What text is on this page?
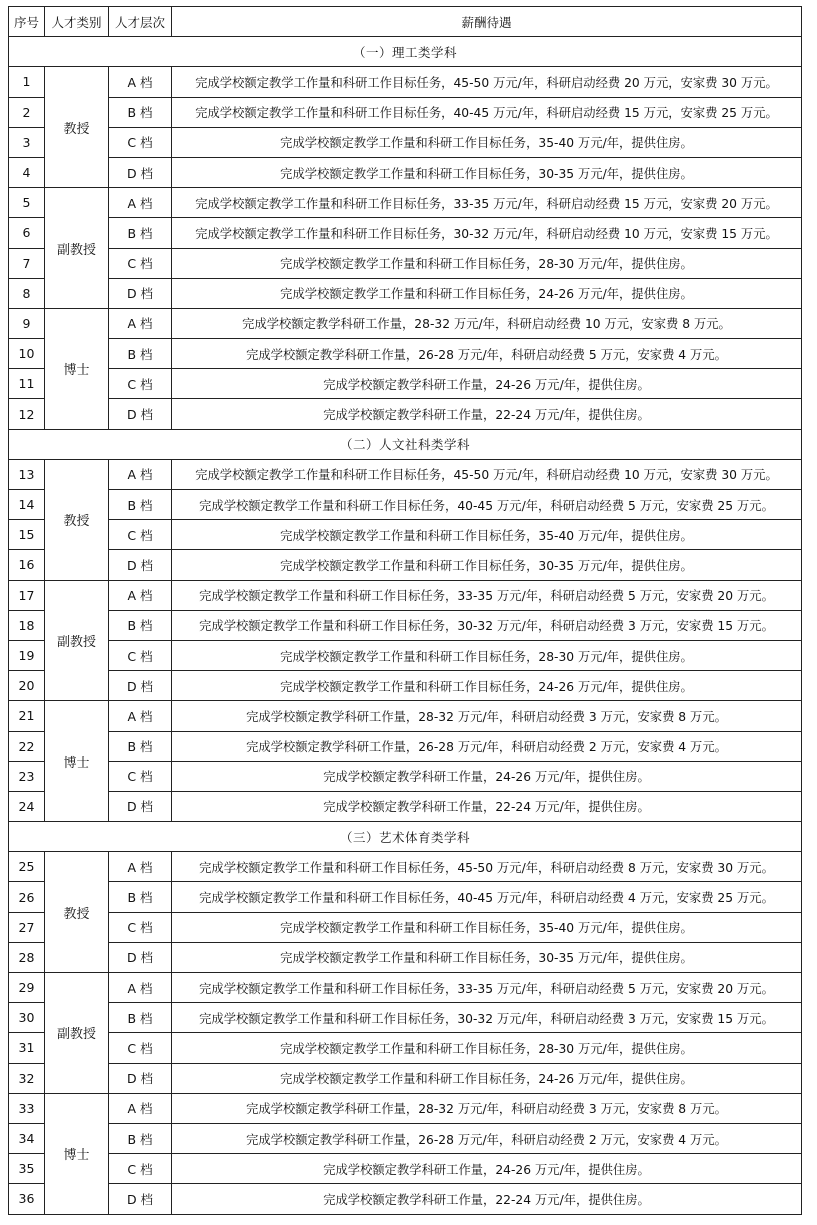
序号	人才类别	人才层次	薪酬待遇
（一）理工类学科			
1	教授	A 档	完成学校额定教学工作量和科研工作目标任务，45-50 万元/年，科研启动经费 20 万元，安家费 30 万元。
2		B 档	完成学校额定教学工作量和科研工作目标任务，40-45 万元/年，科研启动经费 15 万元，安家费 25 万元。
3		C 档	完成学校额定教学工作量和科研工作目标任务，35-40 万元/年，提供住房。
4		D 档	完成学校额定教学工作量和科研工作目标任务，30-35 万元/年，提供住房。
5	副教授	A 档	完成学校额定教学工作量和科研工作目标任务，33-35 万元/年，科研启动经费 15 万元，安家费 20 万元。
6		B 档	完成学校额定教学工作量和科研工作目标任务，30-32 万元/年，科研启动经费 10 万元，安家费 15 万元。
7		C 档	完成学校额定教学工作量和科研工作目标任务，28-30 万元/年，提供住房。
8		D 档	完成学校额定教学工作量和科研工作目标任务，24-26 万元/年，提供住房。
9	博士	A 档	完成学校额定教学科研工作量，28-32 万元/年，科研启动经费 10 万元，安家费 8 万元。
10		B 档	完成学校额定教学科研工作量，26-28 万元/年，科研启动经费 5 万元，安家费 4 万元。
11		C 档	完成学校额定教学科研工作量，24-26 万元/年，提供住房。
12		D 档	完成学校额定教学科研工作量，22-24 万元/年，提供住房。
（二）人文社科类学科			
13	教授	A 档	完成学校额定教学工作量和科研工作目标任务，45-50 万元/年，科研启动经费 10 万元，安家费 30 万元。
14		B 档	完成学校额定教学工作量和科研工作目标任务，40-45 万元/年，科研启动经费 5 万元，安家费 25 万元。
15		C 档	完成学校额定教学工作量和科研工作目标任务，35-40 万元/年，提供住房。
16		D 档	完成学校额定教学工作量和科研工作目标任务，30-35 万元/年，提供住房。
17	副教授	A 档	完成学校额定教学工作量和科研工作目标任务，33-35 万元/年，科研启动经费 5 万元，安家费 20 万元。
18		B 档	完成学校额定教学工作量和科研工作目标任务，30-32 万元/年，科研启动经费 3 万元，安家费 15 万元。
19		C 档	完成学校额定教学工作量和科研工作目标任务，28-30 万元/年，提供住房。
20		D 档	完成学校额定教学工作量和科研工作目标任务，24-26 万元/年，提供住房。
21	博士	A 档	完成学校额定教学科研工作量，28-32 万元/年，科研启动经费 3 万元，安家费 8 万元。
22		B 档	完成学校额定教学科研工作量，26-28 万元/年，科研启动经费 2 万元，安家费 4 万元。
23		C 档	完成学校额定教学科研工作量，24-26 万元/年，提供住房。
24		D 档	完成学校额定教学科研工作量，22-24 万元/年，提供住房。
（三）艺术体育类学科			
25	教授	A 档	完成学校额定教学工作量和科研工作目标任务，45-50 万元/年，科研启动经费 8 万元，安家费 30 万元。
26		B 档	完成学校额定教学工作量和科研工作目标任务，40-45 万元/年，科研启动经费 4 万元，安家费 25 万元。
27		C 档	完成学校额定教学工作量和科研工作目标任务，35-40 万元/年，提供住房。
28		D 档	完成学校额定教学工作量和科研工作目标任务，30-35 万元/年，提供住房。
29	副教授	A 档	完成学校额定教学工作量和科研工作目标任务，33-35 万元/年，科研启动经费 5 万元，安家费 20 万元。
30		B 档	完成学校额定教学工作量和科研工作目标任务，30-32 万元/年，科研启动经费 3 万元，安家费 15 万元。
31		C 档	完成学校额定教学工作量和科研工作目标任务，28-30 万元/年，提供住房。
32		D 档	完成学校额定教学工作量和科研工作目标任务，24-26 万元/年，提供住房。
33	博士	A 档	完成学校额定教学科研工作量，28-32 万元/年，科研启动经费 3 万元，安家费 8 万元。
34		B 档	完成学校额定教学科研工作量，26-28 万元/年，科研启动经费 2 万元，安家费 4 万元。
35		C 档	完成学校额定教学科研工作量，24-26 万元/年，提供住房。
36		D 档	完成学校额定教学科研工作量，22-24 万元/年，提供住房。
